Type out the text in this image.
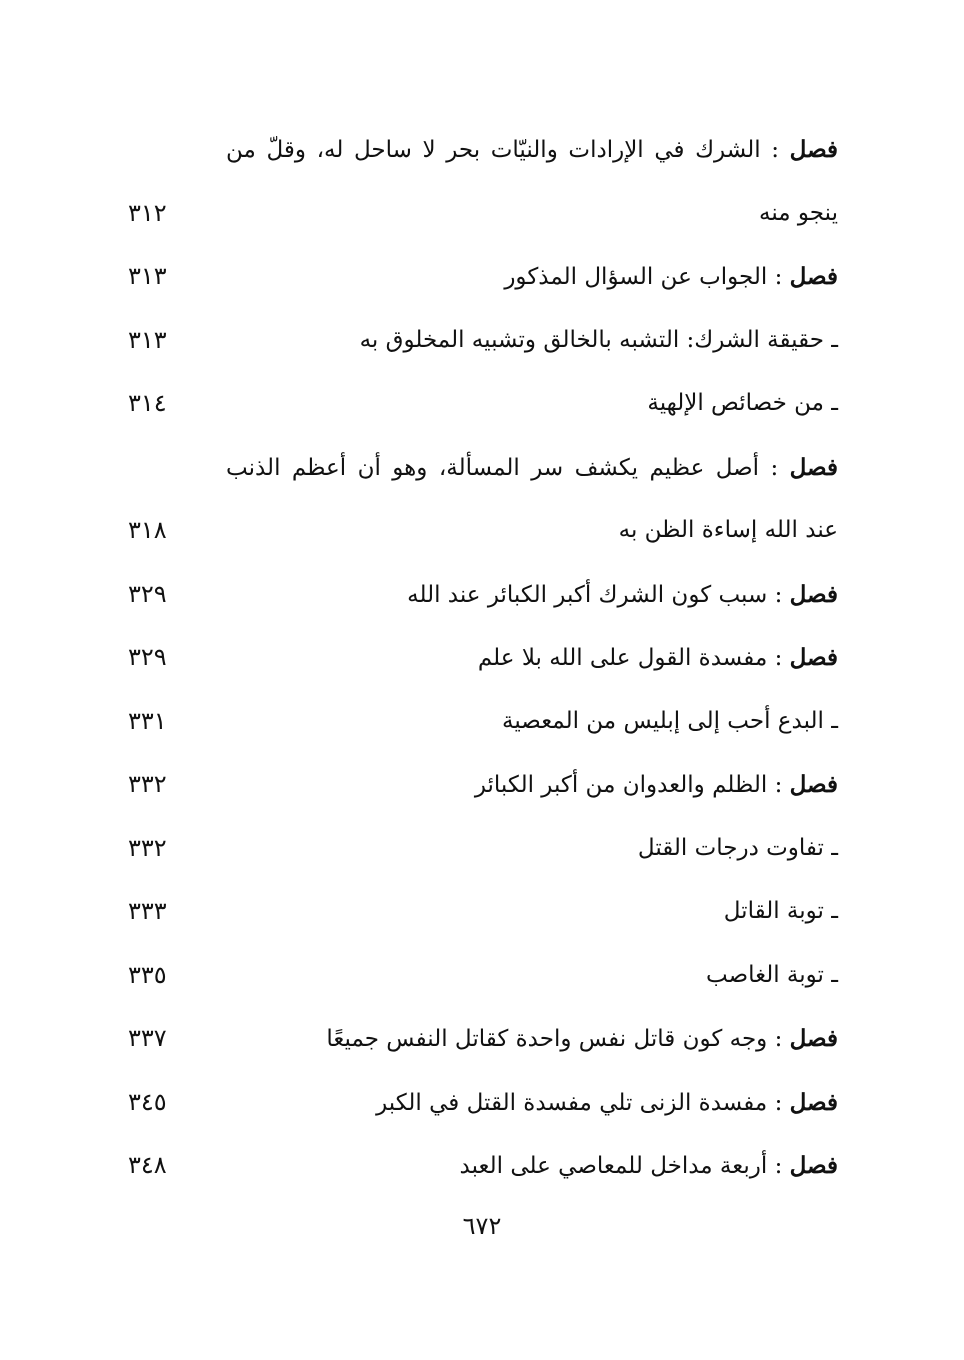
فصل : الشرك في الإرادات والنيّات بحر لا ساحل له، وقلّ من
ينجو منه
٣١٢
فصل : الجواب عن السؤال المذكور
٣١٣
ـ حقيقة الشرك: التشبه بالخالق وتشبيه المخلوق به
٣١٣
ـ من خصائص الإلهية
٣١٤
فصل : أصل عظيم يكشف سر المسألة، وهو أن أعظم الذنب
عند الله إساءة الظن به
٣١٨
فصل : سبب كون الشرك أكبر الكبائر عند الله
٣٢٩
فصل : مفسدة القول على الله بلا علم
٣٢٩
ـ البدع أحب إلى إبليس من المعصية
٣٣١
فصل : الظلم والعدوان من أكبر الكبائر
٣٣٢
ـ تفاوت درجات القتل
٣٣٢
ـ توبة القاتل
٣٣٣
ـ توبة الغاصب
٣٣٥
فصل : وجه كون قاتل نفس واحدة كقاتل النفس جميعًا
٣٣٧
فصل : مفسدة الزنى تلي مفسدة القتل في الكبر
٣٤٥
فصل : أربعة مداخل للمعاصي على العبد
٣٤٨
٦٧٢
